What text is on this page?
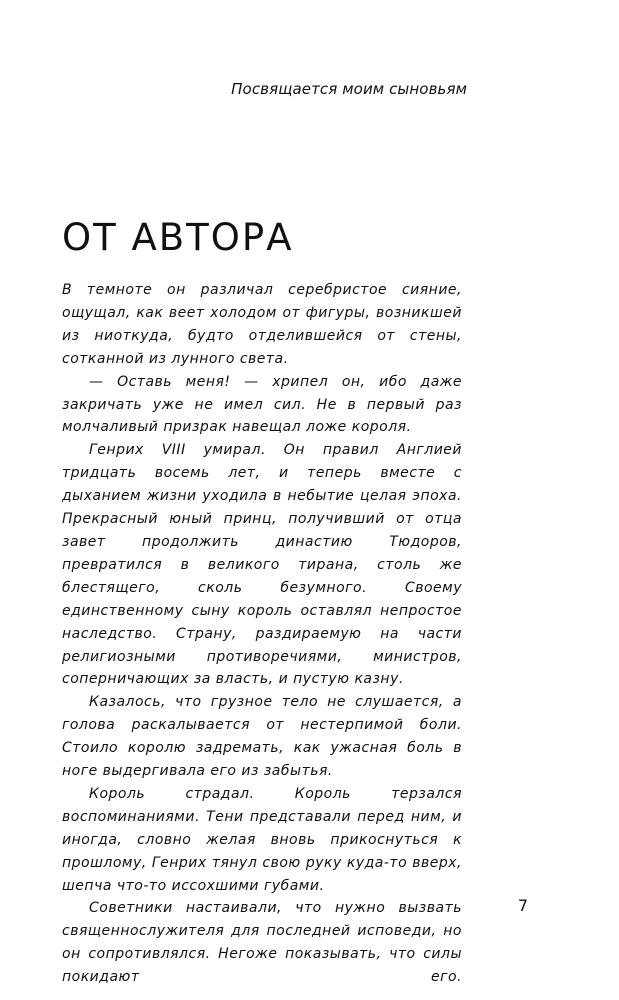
Посвящается моим сыновьям
ОТ АВТОРА

В темноте он различал серебристое сияние, ощущал, как веет холодом от фигуры, возникшей из ниоткуда, будто отделившейся от стены, сотканной из лунного света.

— Оставь меня! — хрипел он, ибо даже закричать уже не имел сил. Не в первый раз молчаливый призрак навещал ложе короля.

Генрих VIII умирал. Он правил Англией тридцать восемь лет, и теперь вместе с дыханием жизни уходила в небытие целая эпоха. Прекрасный юный принц, получивший от отца завет продолжить династию Тюдоров, превратился в великого тирана, столь же блестящего, сколь безумного. Своему единственному сыну король оставлял непростое наследство. Страну, раздираемую на части религиозными противоречиями, министров, соперничающих за власть, и пустую казну.

Казалось, что грузное тело не слушается, а голова раскалывается от нестерпимой боли. Стоило королю задремать, как ужасная боль в ноге выдергивала его из забытья.

Король страдал. Король терзался воспоминаниями. Тени представали перед ним, и иногда, словно желая вновь прикоснуться к прошлому, Генрих тянул свою руку куда-то вверх, шепча что-то иссохшими губами.

Советники настаивали, что нужно вызвать священнослужителя для последней исповеди, но он сопротивлялся. Негоже показывать, что силы покидают его.

7
